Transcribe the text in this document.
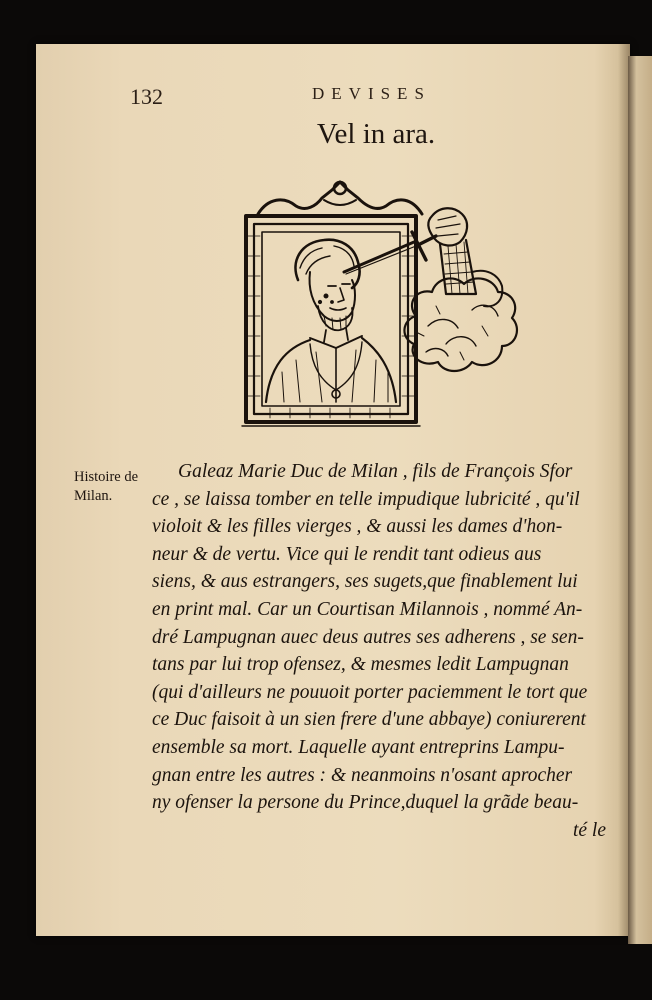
132	DEVISES
Vel in ara.
Histoire de
Milan.
Galeaz Marie Duc de Milan , fils de François Sfor
ce , se laissa tomber en telle impudique lubricité , qu'il
violoit & les filles vierges , & aussi les dames d'hon-
neur & de vertu. Vice qui le rendit tant odieus aus
siens, & aus estrangers, ses sugets,que finablement lui
en print mal. Car un Courtisan Milannois , nommé An-
dré Lampugnan auec deus autres ses adherens , se sen-
tans par lui trop ofensez, & mesmes ledit Lampugnan
(qui d'ailleurs ne pouuoit porter paciemment le tort que
ce Duc faisoit à un sien frere d'une abbaye) coniurerent
ensemble sa mort. Laquelle ayant entreprins Lampu-
gnan entre les autres : & neanmoins n'osant aprocher
ny ofenser la persone du Prince,duquel la grãde beau-
té le
